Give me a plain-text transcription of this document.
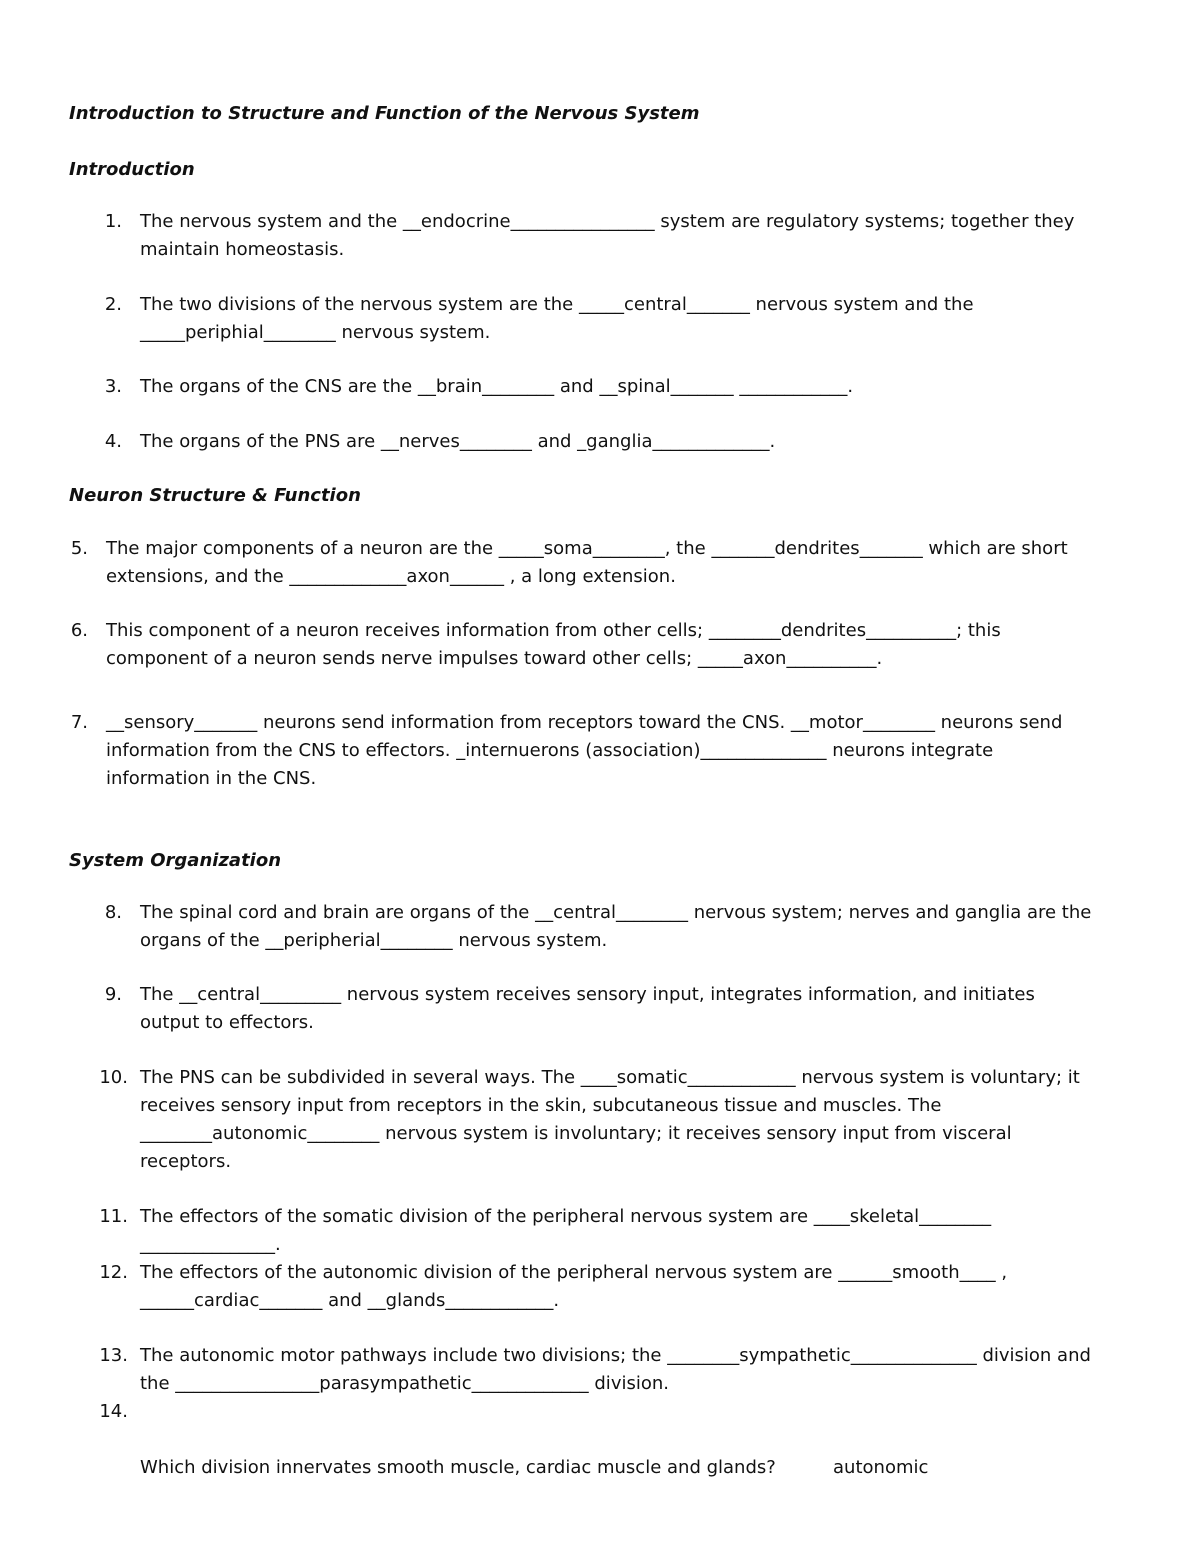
Introduction to Structure and Function of the Nervous System
Introduction
1. The nervous system and the __endocrine________________ system are regulatory systems; together they
maintain homeostasis.
2. The two divisions of the nervous system are the _____central_______ nervous system and the
_____periphial________ nervous system.
3. The organs of the CNS are the __brain________ and __spinal_______ ____________.
4. The organs of the PNS are __nerves________ and _ganglia_____________.
Neuron Structure & Function
5. The major components of a neuron are the _____soma________, the _______dendrites_______ which are short
extensions, and the _____________axon______ , a long extension.
6. This component of a neuron receives information from other cells; ________dendrites__________; this
component of a neuron sends nerve impulses toward other cells; _____axon__________.
7. __sensory_______ neurons send information from receptors toward the CNS. __motor________ neurons send
information from the CNS to effectors. _internuerons (association)______________ neurons integrate
information in the CNS.
System Organization
8. The spinal cord and brain are organs of the __central________ nervous system; nerves and ganglia are the
organs of the __peripherial________ nervous system.
9. The __central_________ nervous system receives sensory input, integrates information, and initiates
output to effectors.
10. The PNS can be subdivided in several ways. The ____somatic____________ nervous system is voluntary; it
receives sensory input from receptors in the skin, subcutaneous tissue and muscles. The
________autonomic________ nervous system is involuntary; it receives sensory input from visceral
receptors.
11. The effectors of the somatic division of the peripheral nervous system are ____skeletal________
_______________.
12. The effectors of the autonomic division of the peripheral nervous system are ______smooth____ ,
______cardiac_______ and __glands____________.
13. The autonomic motor pathways include two divisions; the ________sympathetic______________ division and
the ________________parasympathetic_____________ division.
14.

Which division innervates smooth muscle, cardiac muscle and glands?          autonomic
